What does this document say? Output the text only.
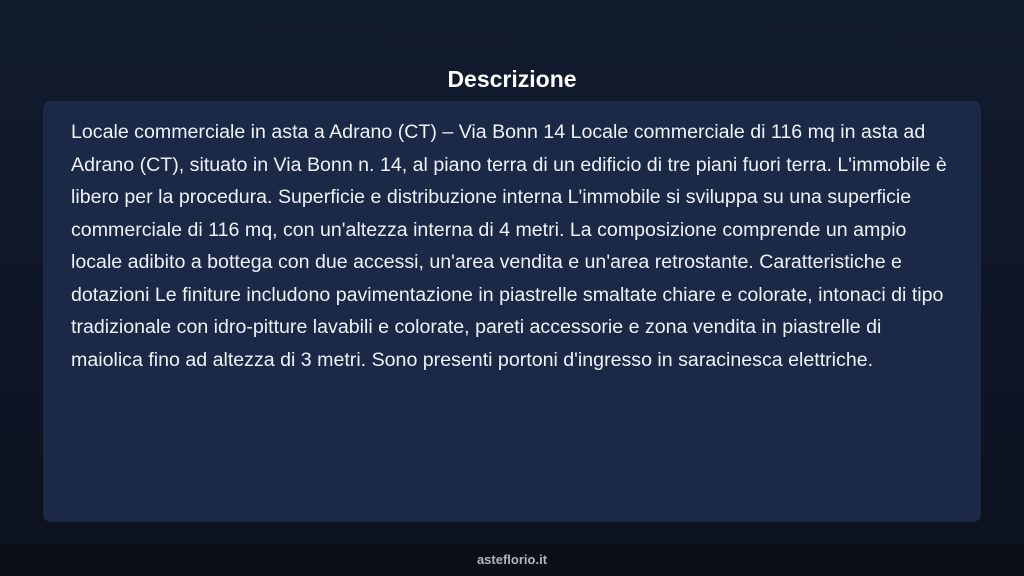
Descrizione

Locale commerciale in asta a Adrano (CT) – Via Bonn 14 Locale commerciale di 116 mq in asta ad Adrano (CT), situato in Via Bonn n. 14, al piano terra di un edificio di tre piani fuori terra. L'immobile è libero per la procedura. Superficie e distribuzione interna L'immobile si sviluppa su una superficie commerciale di 116 mq, con un'altezza interna di 4 metri. La composizione comprende un ampio locale adibito a bottega con due accessi, un'area vendita e un'area retrostante. Caratteristiche e dotazioni Le finiture includono pavimentazione in piastrelle smaltate chiare e colorate, intonaci di tipo tradizionale con idro-pitture lavabili e colorate, pareti accessorie e zona vendita in piastrelle di maiolica fino ad altezza di 3 metri. Sono presenti portoni d'ingresso in saracinesca elettriche.

asteflorio.it
